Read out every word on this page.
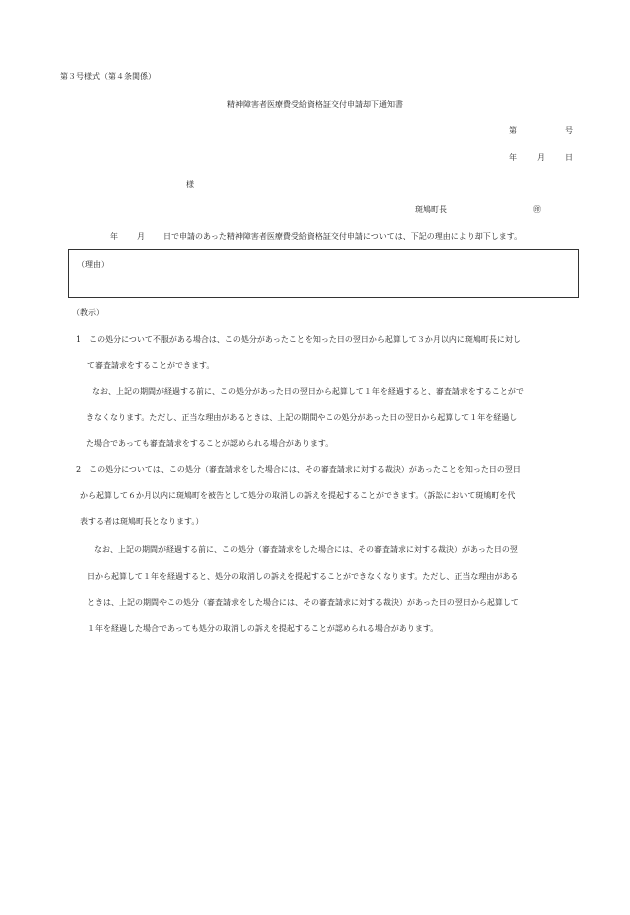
第３号様式（第４条関係）
精神障害者医療費受給資格証交付申請却下通知書
第	号
年	月	日
様
斑鳩町長	㊞
年 月 日で申請のあった精神障害者医療費受給資格証交付申請については、下記の理由により却下します。
（理由）
（教示）
1　この処分について不服がある場合は、この処分があったことを知った日の翌日から起算して３か月以内に斑鳩町長に対し
て審査請求をすることができます。
なお、上記の期間が経過する前に、この処分があった日の翌日から起算して１年を経過すると、審査請求をすることがで
きなくなります。ただし、正当な理由があるときは、上記の期間やこの処分があった日の翌日から起算して１年を経過し
た場合であっても審査請求をすることが認められる場合があります。
2　この処分については、この処分（審査請求をした場合には、その審査請求に対する裁決）があったことを知った日の翌日
から起算して６か月以内に斑鳩町を被告として処分の取消しの訴えを提起することができます。（訴訟において斑鳩町を代
表する者は斑鳩町長となります。）
なお、上記の期間が経過する前に、この処分（審査請求をした場合には、その審査請求に対する裁決）があった日の翌
日から起算して１年を経過すると、処分の取消しの訴えを提起することができなくなります。ただし、正当な理由がある
ときは、上記の期間やこの処分（審査請求をした場合には、その審査請求に対する裁決）があった日の翌日から起算して
１年を経過した場合であっても処分の取消しの訴えを提起することが認められる場合があります。
